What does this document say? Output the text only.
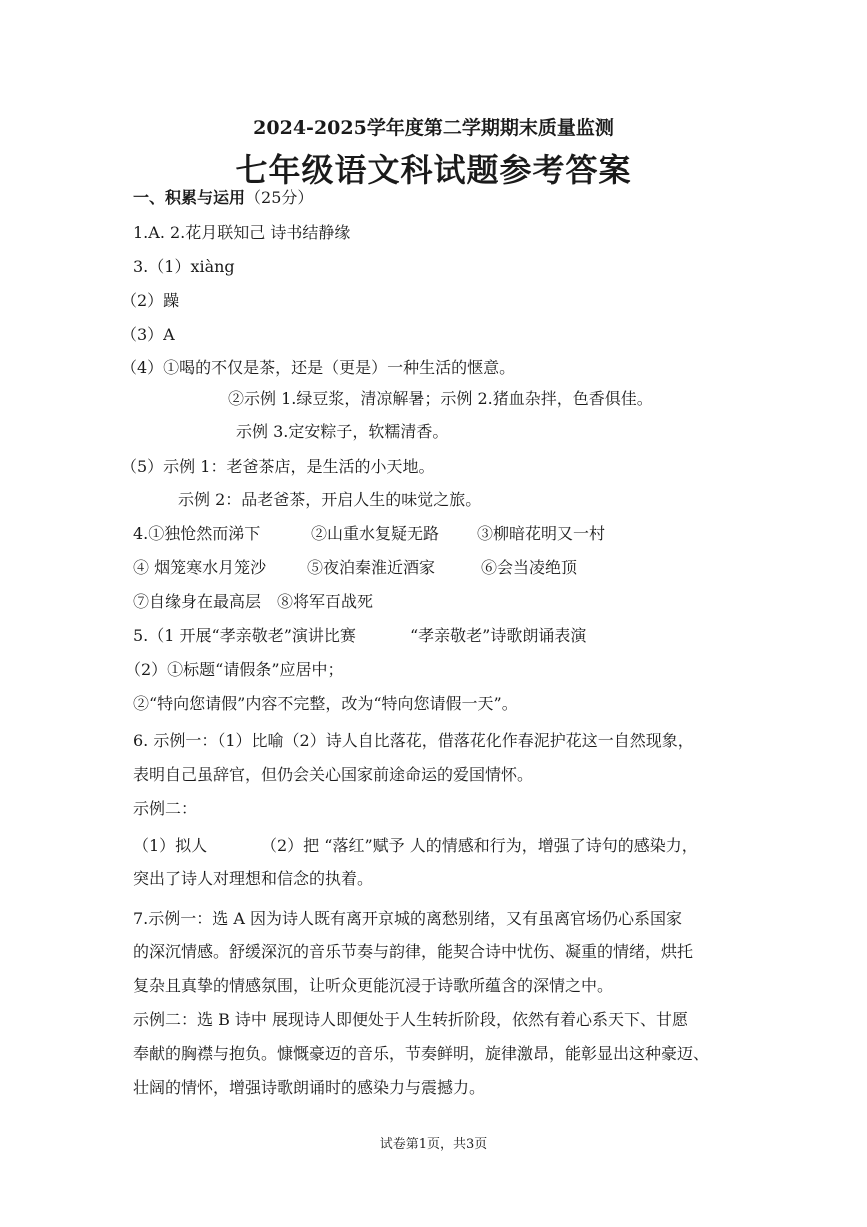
2024-2025学年度第二学期期末质量监测
七年级语文科试题参考答案
一、积累与运用（25分）
1.A. 2.花月联知己 诗书结静缘
3.（1）xiàng
（2）躁
（3）A
（4）①喝的不仅是茶，还是（更是）一种生活的惬意。
②示例 1.绿豆浆，清凉解暑；示例 2.猪血杂拌，色香俱佳。
示例 3.定安粽子，软糯清香。
（5）示例 1：老爸茶店，是生活的小天地。
示例 2：品老爸茶，开启人生的味觉之旅。
4.①独怆然而涕下	②山重水复疑无路 ③柳暗花明又一村
④ 烟笼寒水月笼沙	⑤夜泊秦淮近酒家	⑥会当凌绝顶
⑦自缘身在最高层 ⑧将军百战死
5.（1 开展“孝亲敬老”演讲比赛	“孝亲敬老”诗歌朗诵表演
（2）①标题“请假条”应居中；
②“特向您请假”内容不完整，改为“特向您请假一天”。
6. 示例一：（1）比喻（2）诗人自比落花，借落花化作春泥护花这一自然现象，
表明自己虽辞官，但仍会关心国家前途命运的爱国情怀。
示例二：
（1）拟人	（2）把 “落红”赋予 人的情感和行为，增强了诗句的感染力，
突出了诗人对理想和信念的执着。
7.示例一：选 A 因为诗人既有离开京城的离愁别绪，又有虽离官场仍心系国家
的深沉情感。舒缓深沉的音乐节奏与韵律，能契合诗中忧伤、凝重的情绪，烘托
复杂且真挚的情感氛围，让听众更能沉浸于诗歌所蕴含的深情之中。
示例二：选 B 诗中 展现诗人即便处于人生转折阶段，依然有着心系天下、甘愿
奉献的胸襟与抱负。慷慨豪迈的音乐，节奏鲜明，旋律激昂，能彰显出这种豪迈、
壮阔的情怀，增强诗歌朗诵时的感染力与震撼力。
试卷第1页，共3页
